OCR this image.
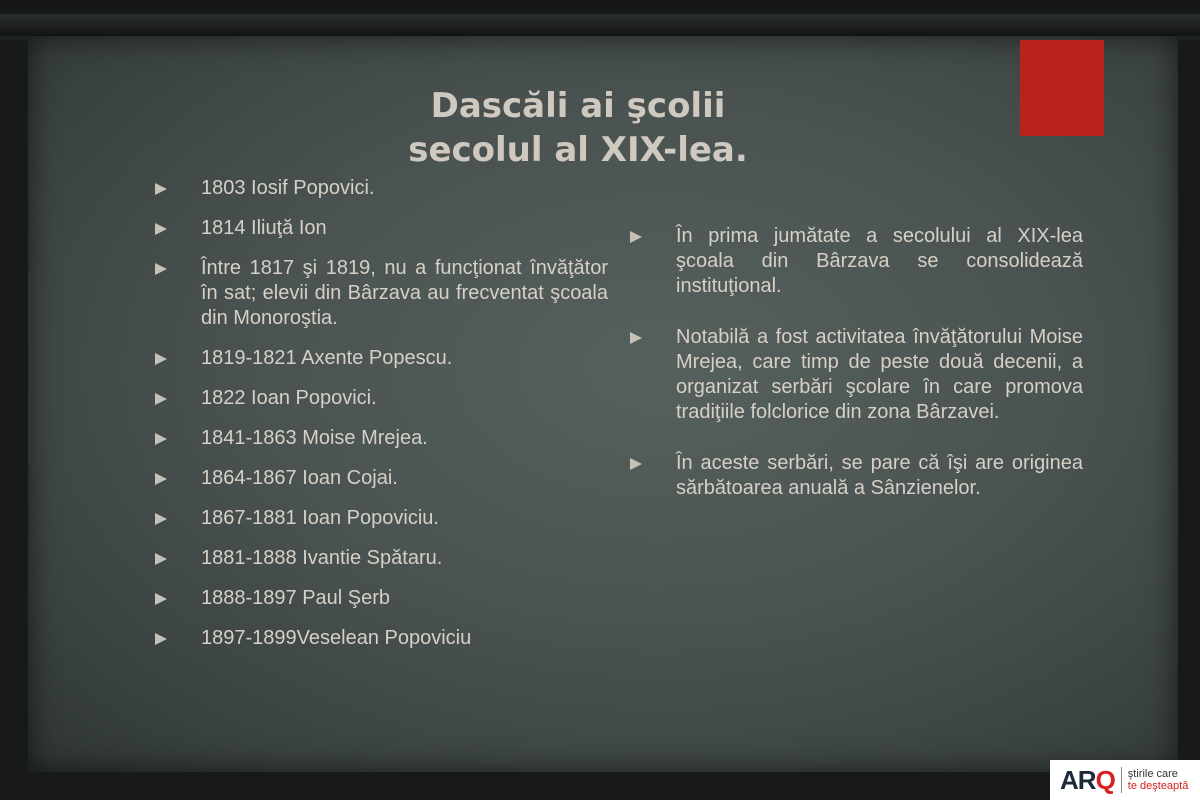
Dascăli ai şcolii
secolul al XIX-lea.
1803 Iosif Popovici.
1814 Iliuţă Ion
Între 1817 şi 1819, nu a funcţionat învăţător în sat; elevii din Bârzava au frecventat şcoala din Monoroştia.
1819-1821 Axente Popescu.
1822 Ioan Popovici.
1841-1863 Moise Mrejea.
1864-1867 Ioan Cojai.
1867-1881 Ioan Popoviciu.
1881-1888 Ivantie Spătaru.
1888-1897 Paul Şerb
1897-1899Veselean Popoviciu
În prima jumătate a secolului al XIX-lea şcoala din Bârzava se consolidează instituţional.
Notabilă a fost activitatea învăţătorului Moise Mrejea, care timp de peste două decenii, a organizat serbări şcolare în care promova tradiţiile folclorice din zona Bârzavei.
În aceste serbări, se pare că îşi are originea sărbătoarea anuală a Sânzienelor.
ARQ ştirile care
te deşteaptă
